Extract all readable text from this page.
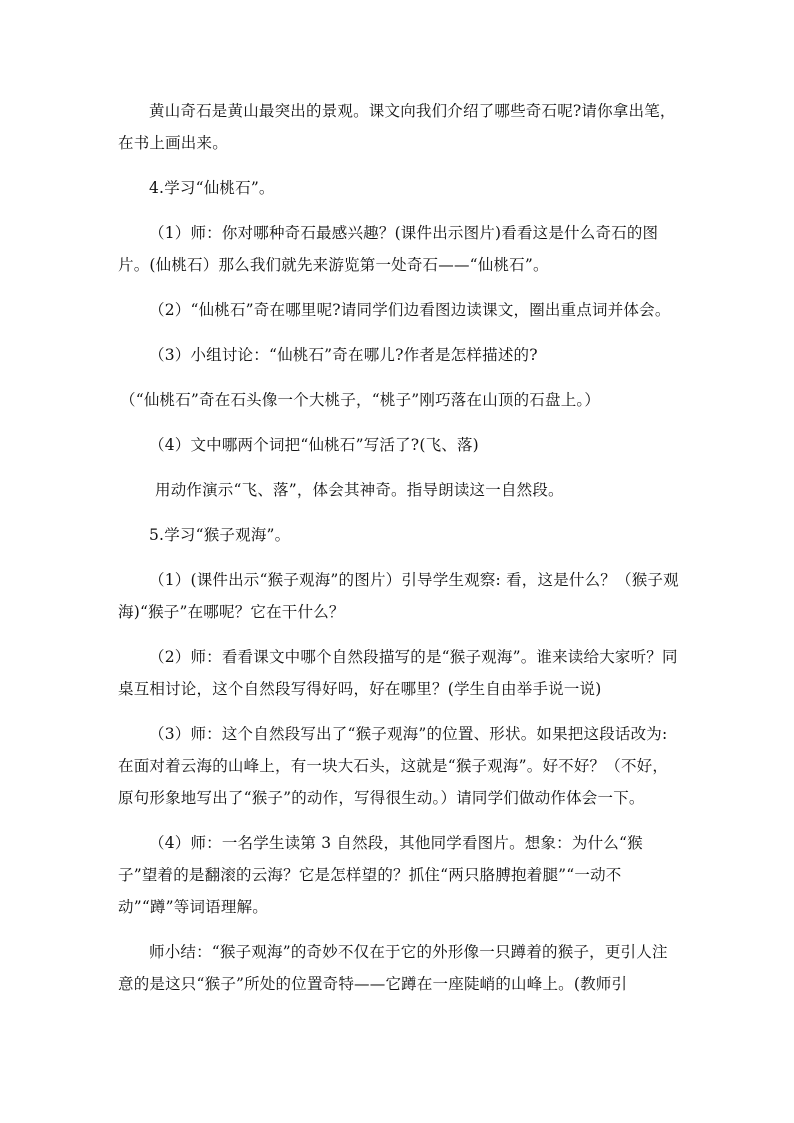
黄山奇石是黄山最突出的景观。课文向我们介绍了哪些奇石呢?请你拿出笔，在书上画出来。

4.学习“仙桃石”。

（1）师：你对哪种奇石最感兴趣？(课件出示图片)看看这是什么奇石的图片。(仙桃石）那么我们就先来游览第一处奇石——“仙桃石”。

（2）“仙桃石”奇在哪里呢?请同学们边看图边读课文，圈出重点词并体会。

（3）小组讨论：“仙桃石”奇在哪儿?作者是怎样描述的?

（“仙桃石”奇在石头像一个大桃子，“桃子”刚巧落在山顶的石盘上。）

（4）文中哪两个词把“仙桃石”写活了?(飞、落)

用动作演示“飞、落”，体会其神奇。指导朗读这一自然段。

5.学习“猴子观海”。

（1）(课件出示“猴子观海”的图片）引导学生观察: 看，这是什么？（猴子观海)“猴子”在哪呢？它在干什么？

（2）师：看看课文中哪个自然段描写的是“猴子观海”。谁来读给大家听？同桌互相讨论，这个自然段写得好吗，好在哪里？(学生自由举手说一说)

（3）师：这个自然段写出了“猴子观海”的位置、形状。如果把这段话改为: 在面对着云海的山峰上，有一块大石头，这就是“猴子观海”。好不好？（不好，原句形象地写出了“猴子”的动作，写得很生动。）请同学们做动作体会一下。

（4）师：一名学生读第 3 自然段，其他同学看图片。想象：为什么“猴子”望着的是翻滚的云海？它是怎样望的？抓住“两只胳膊抱着腿”“一动不动”“蹲”等词语理解。

师小结：“猴子观海”的奇妙不仅在于它的外形像一只蹲着的猴子，更引人注意的是这只“猴子”所处的位置奇特——它蹲在一座陡峭的山峰上。(教师引
